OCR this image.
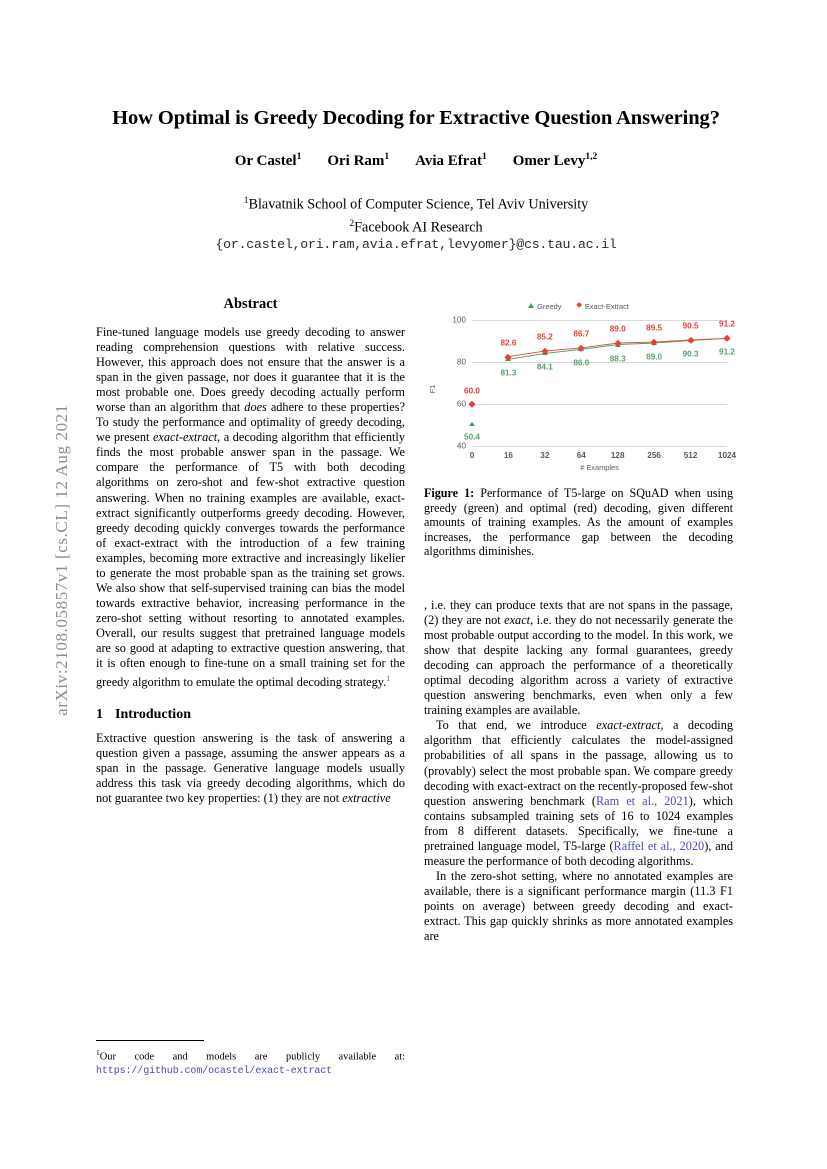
arXiv:2108.05857v1 [cs.CL] 12 Aug 2021
How Optimal is Greedy Decoding for Extractive Question Answering?
Or Castel$^1$ Ori Ram$^1$ Avia Efrat$^1$ Omer Levy$^{1,2}$
$^1$Blavatnik School of Computer Science, Tel Aviv University
$^2$Facebook AI Research
{or.castel,ori.ram,avia.efrat,levyomer}@cs.tau.ac.il
Abstract

Fine-tuned language models use greedy decoding to answer reading comprehension questions with relative success. However, this approach does not ensure that the answer is a span in the given passage, nor does it guarantee that it is the most probable one. Does greedy decoding actually perform worse than an algorithm that does adhere to these properties? To study the performance and optimality of greedy decoding, we present exact-extract, a decoding algorithm that efficiently finds the most probable answer span in the passage. We compare the performance of T5 with both decoding algorithms on zero-shot and few-shot extractive question answering. When no training examples are available, exact-extract significantly outperforms greedy decoding. However, greedy decoding quickly converges towards the performance of exact-extract with the introduction of a few training examples, becoming more extractive and increasingly likelier to generate the most probable span as the training set grows. We also show that self-supervised training can bias the model towards extractive behavior, increasing performance in the zero-shot setting without resorting to annotated examples. Overall, our results suggest that pretrained language models are so good at adapting to extractive question answering, that it is often enough to fine-tune on a small training set for the greedy algorithm to emulate the optimal decoding strategy.$^1$

1 Introduction

Extractive question answering is the task of answering a question given a passage, assuming the answer appears as a span in the passage. Generative language models usually address this task via greedy decoding algorithms, which do not guarantee two key properties: (1) they are not extractive

$^1$Our code and models are publicly available at: https://github.com/ocastel/exact-extract
Greedy	Exact-Extract
F1
# Examples
40
60
80
100
0	16	32	64	128	256	512 1024
50.4
81.3
84.1	86.0
88.3	89.0 90.3	91.2
60.0
82.6
85.2	86.7
89.0	89.5 90.5	91.2
Figure 1: Performance of T5-large on SQuAD when using greedy (green) and optimal (red) decoding, given different amounts of training examples. As the amount of examples increases, the performance gap between the decoding algorithms diminishes.

, i.e. they can produce texts that are not spans in the passage, (2) they are not exact, i.e. they do not necessarily generate the most probable output according to the model. In this work, we show that despite lacking any formal guarantees, greedy decoding can approach the performance of a theoretically optimal decoding algorithm across a variety of extractive question answering benchmarks, even when only a few training examples are available.

To that end, we introduce exact-extract, a decoding algorithm that efficiently calculates the model-assigned probabilities of all spans in the passage, allowing us to (provably) select the most probable span. We compare greedy decoding with exact-extract on the recently-proposed few-shot question answering benchmark (Ram et al., 2021), which contains subsampled training sets of 16 to 1024 examples from 8 different datasets. Specifically, we fine-tune a pretrained language model, T5-large (Raffel et al., 2020), and measure the performance of both decoding algorithms.

In the zero-shot setting, where no annotated examples are available, there is a significant performance margin (11.3 F1 points on average) between greedy decoding and exact-extract. This gap quickly shrinks as more annotated examples are
